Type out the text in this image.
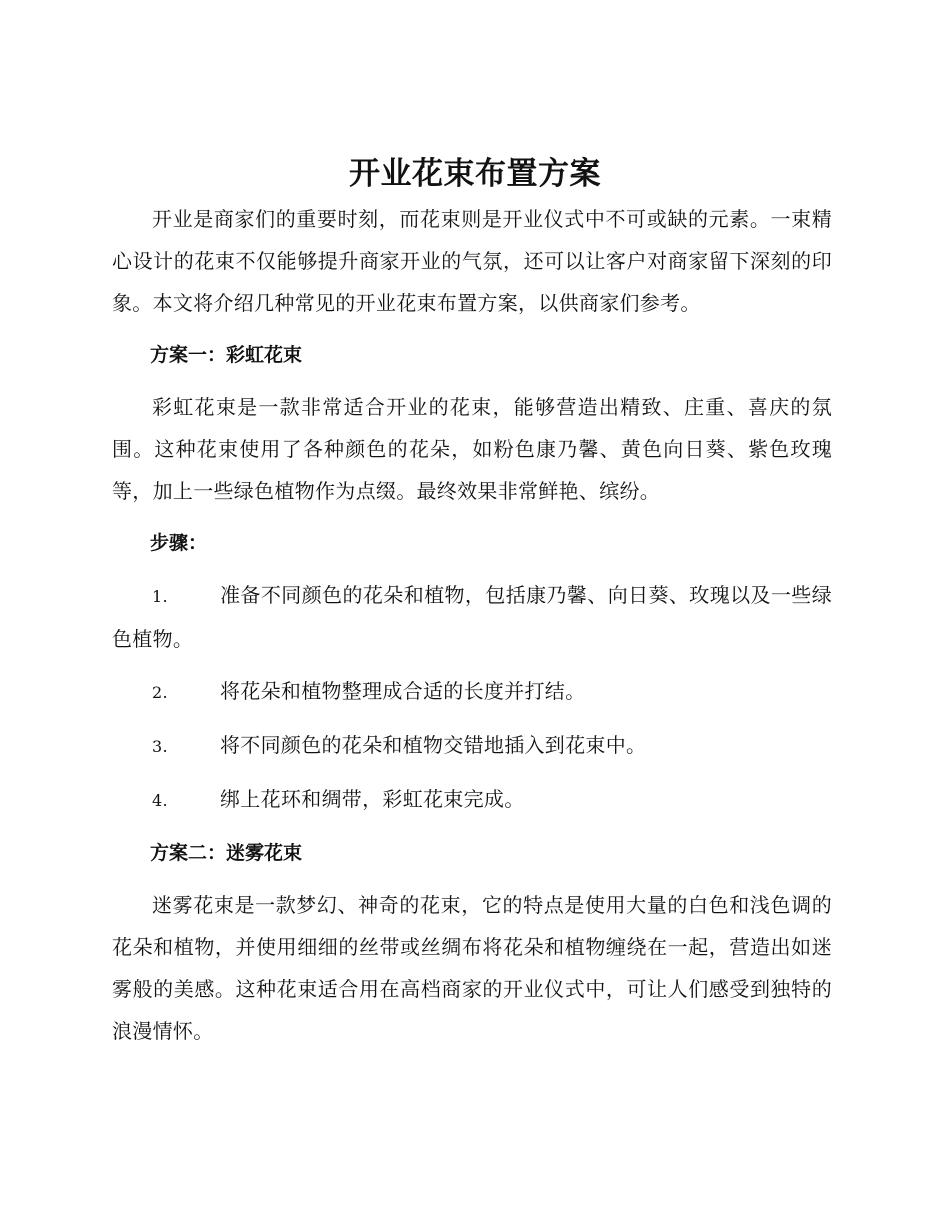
开业花束布置方案

开业是商家们的重要时刻，而花束则是开业仪式中不可或缺的元素。一束精心设计的花束不仅能够提升商家开业的气氛，还可以让客户对商家留下深刻的印象。本文将介绍几种常见的开业花束布置方案，以供商家们参考。

方案一：彩虹花束

彩虹花束是一款非常适合开业的花束，能够营造出精致、庄重、喜庆的氛围。这种花束使用了各种颜色的花朵，如粉色康乃馨、黄色向日葵、紫色玫瑰等，加上一些绿色植物作为点缀。最终效果非常鲜艳、缤纷。

步骤：
1.	准备不同颜色的花朵和植物，包括康乃馨、向日葵、玫瑰以及一些绿色植物。
2.	将花朵和植物整理成合适的长度并打结。
3.	将不同颜色的花朵和植物交错地插入到花束中。
4.	绑上花环和绸带，彩虹花束完成。
方案二：迷雾花束

迷雾花束是一款梦幻、神奇的花束，它的特点是使用大量的白色和浅色调的花朵和植物，并使用细细的丝带或丝绸布将花朵和植物缠绕在一起，营造出如迷雾般的美感。这种花束适合用在高档商家的开业仪式中，可让人们感受到独特的浪漫情怀。
